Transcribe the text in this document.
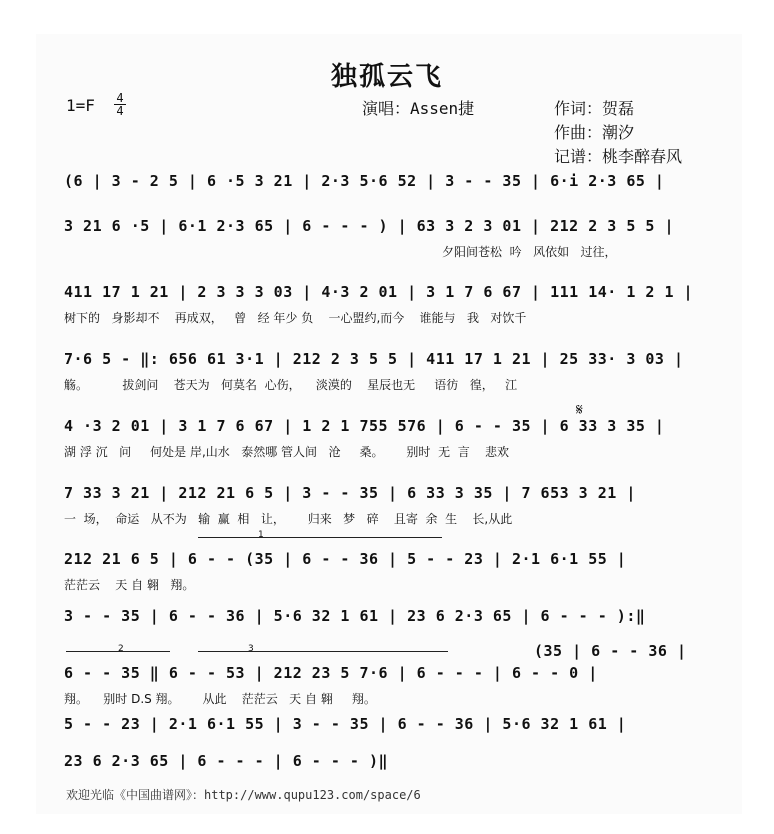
独孤云飞
1=F 4
4	演唱：Assen捷	作词：贺磊
作曲：潮汐
记谱：桃李醉春风
(6 | 3 - 2 5 | 6 ·5 3 21 | 2·3 5·6 52 | 3 - - 35 | 6·i 2·3 65 |
3 21 6 ·5 | 6·1 2·3 65 | 6 - - - ) | 63 3 2 3 01 | 212 2 3 5 5 |
夕阳间苍松  吟   风依如   过往，
411 17 1 21 | 2 3 3 3 03 | 4·3 2 01 | 3 1 7 6 67 | 111 14· 1 2 1 |
树下的   身影却不    再成双，   曾   经 年少 负    一心盟约,而今    谁能与   我   对饮千
7·6 5 - ‖: 656 61 3·1 | 212 2 3 5 5 | 411 17 1 21 | 25 33· 3 03 |
觞。         拔剑问    苍天为   何莫名  心伤，    淡漠的    星辰也无     语彷   徨，   江
𝄋
4 ·3 2 01 | 3 1 7 6 67 | 1 2 1 755 576 | 6 - - 35 | 6 33 3 35 |
湖 浮 沉   问     何处是 岸,山水   泰然哪 管人间   沧     桑。      别时  无  言    悲欢
7 33 3 21 | 212 21 6 5 | 3 - - 35 | 6 33 3 35 | 7 653 3 21 |
一  场，  命运   从不为   输  赢  相   让，      归来   梦   碎    且寄  余  生    长,从此
1
212 21 6 5 | 6 - - (35 | 6 - - 36 | 5 - - 23 | 2·1 6·1 55 |
茫茫云    天 自 翱   翔。
3 - - 35 | 6 - - 36 | 5·6 32 1 61 | 23 6 2·3 65 | 6 - - - ):‖
2	3	(35 | 6 - - 36 |
6 - - 35 ‖ 6 - - 53 | 212 23 5 7·6 | 6 - - - | 6 - - 0 |
翔。    别时 D.S 翔。      从此    茫茫云   天 自 翱     翔。
5 - - 23 | 2·1 6·1 55 | 3 - - 35 | 6 - - 36 | 5·6 32 1 61 |
23 6 2·3 65 | 6 - - - | 6 - - - )‖
欢迎光临《中国曲谱网》：http://www.qupu123.com/space/6
